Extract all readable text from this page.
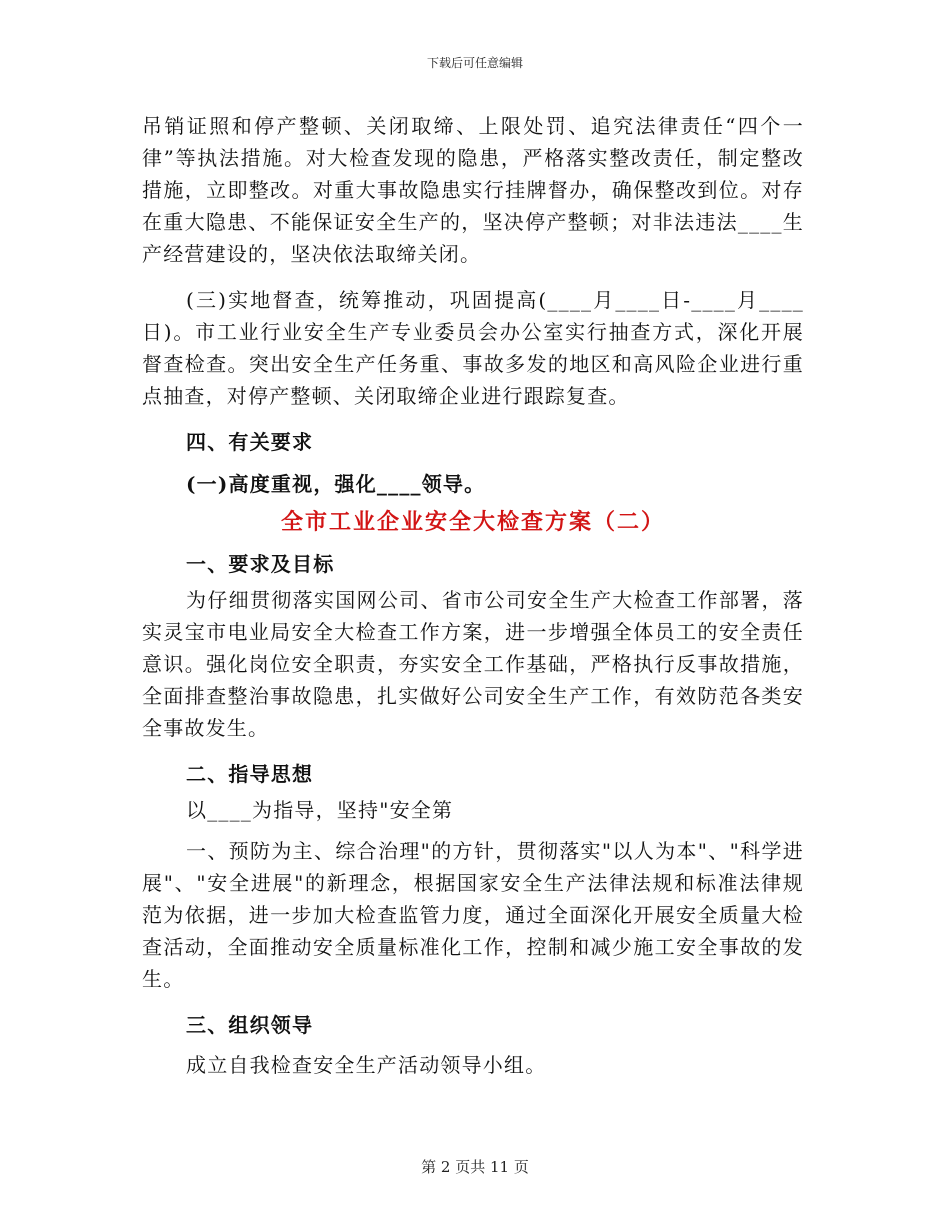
下载后可任意编辑

吊销证照和停产整顿、关闭取缔、上限处罚、追究法律责任“四个一律”等执法措施。对大检查发现的隐患，严格落实整改责任，制定整改措施，立即整改。对重大事故隐患实行挂牌督办，确保整改到位。对存在重大隐患、不能保证安全生产的，坚决停产整顿；对非法违法____生产经营建设的，坚决依法取缔关闭。

(三)实地督查，统筹推动，巩固提高(____月____日-____月____日)。市工业行业安全生产专业委员会办公室实行抽查方式，深化开展督查检查。突出安全生产任务重、事故多发的地区和高风险企业进行重点抽查，对停产整顿、关闭取缔企业进行跟踪复查。

四、有关要求

(一)高度重视，强化____领导。

全市工业企业安全大检查方案（二）

一、要求及目标

为仔细贯彻落实国网公司、省市公司安全生产大检查工作部署，落实灵宝市电业局安全大检查工作方案，进一步增强全体员工的安全责任意识。强化岗位安全职责，夯实安全工作基础，严格执行反事故措施，全面排查整治事故隐患，扎实做好公司安全生产工作，有效防范各类安全事故发生。

二、指导思想

以____为指导，坚持"安全第

一、预防为主、综合治理"的方针，贯彻落实"以人为本"、"科学进展"、"安全进展"的新理念，根据国家安全生产法律法规和标准法律规范为依据，进一步加大检查监管力度，通过全面深化开展安全质量大检查活动，全面推动安全质量标准化工作，控制和减少施工安全事故的发生。

三、组织领导

成立自我检查安全生产活动领导小组。

第 2 页共 11 页
